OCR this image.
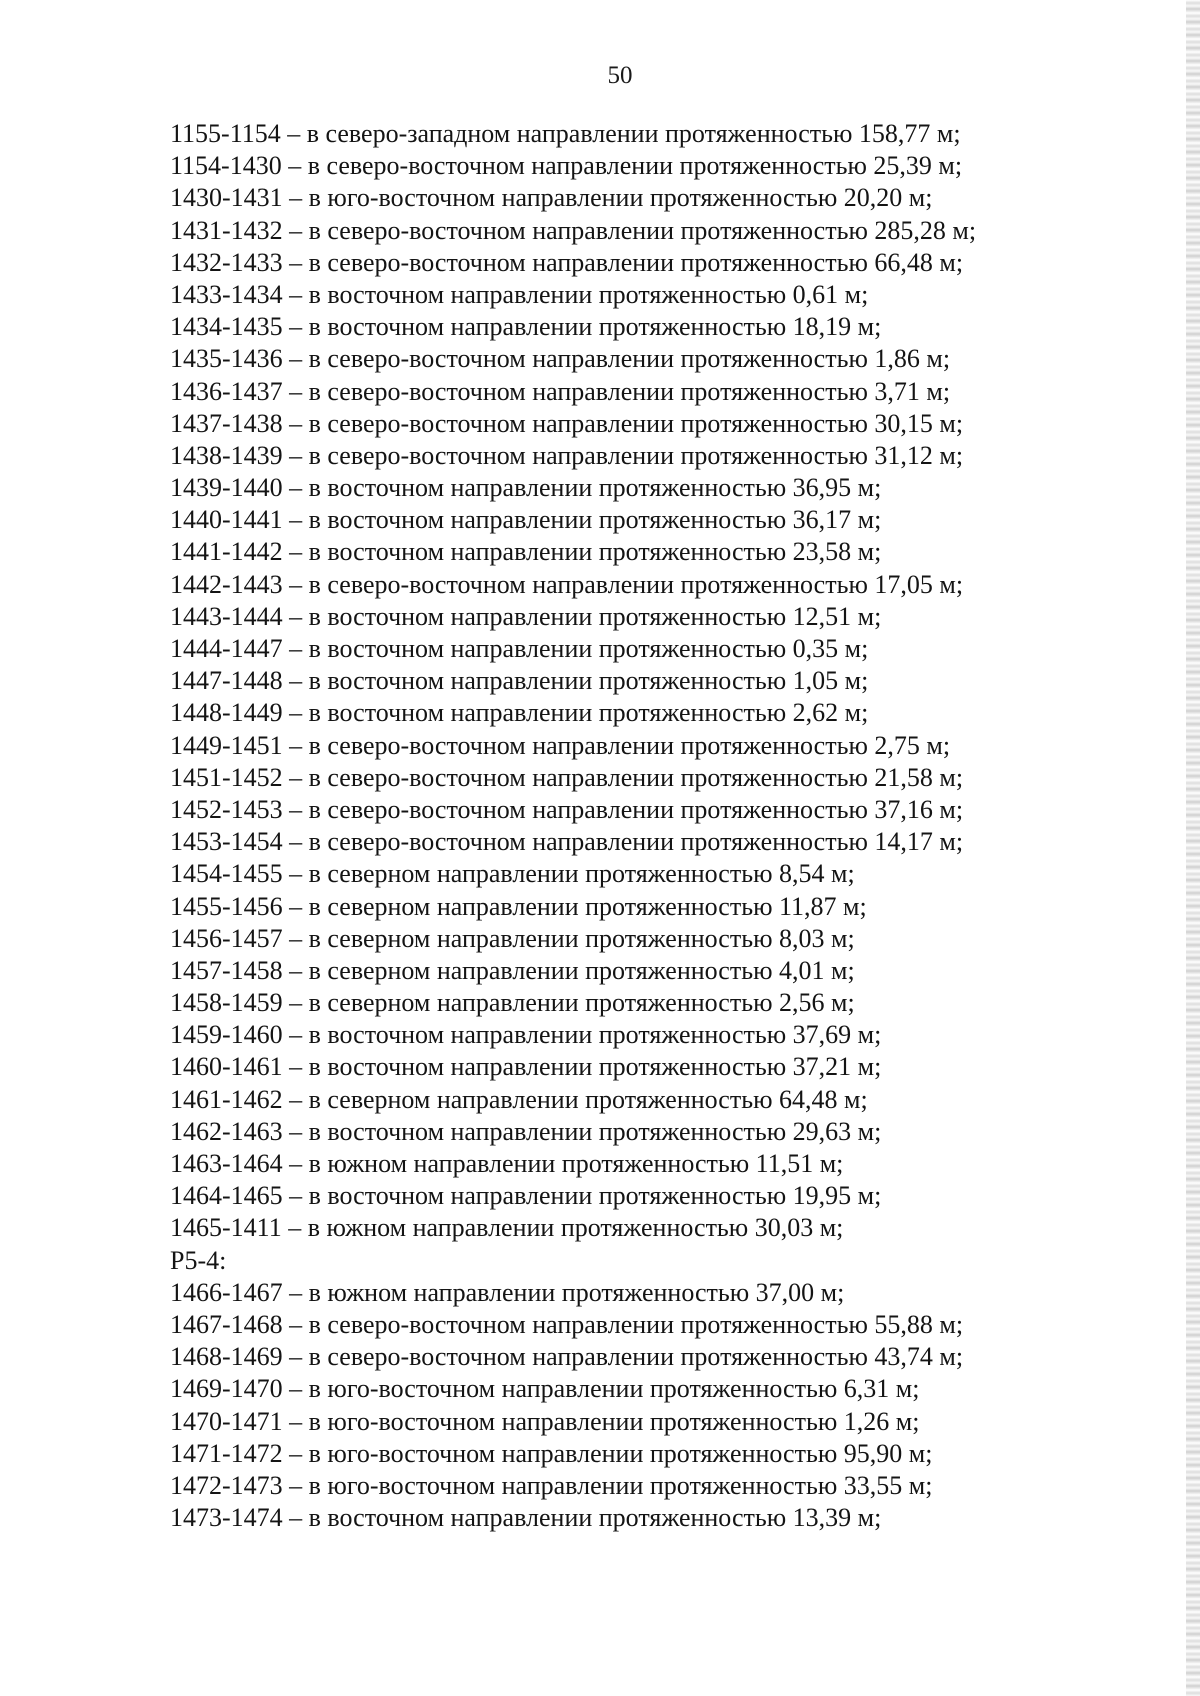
50
1155-1154 – в северо-западном направлении протяженностью 158,77 м;
1154-1430 – в северо-восточном направлении протяженностью 25,39 м;
1430-1431 – в юго-восточном направлении протяженностью 20,20 м;
1431-1432 – в северо-восточном направлении протяженностью 285,28 м;
1432-1433 – в северо-восточном направлении протяженностью 66,48 м;
1433-1434 – в восточном направлении протяженностью 0,61 м;
1434-1435 – в восточном направлении протяженностью 18,19 м;
1435-1436 – в северо-восточном направлении протяженностью 1,86 м;
1436-1437 – в северо-восточном направлении протяженностью 3,71 м;
1437-1438 – в северо-восточном направлении протяженностью 30,15 м;
1438-1439 – в северо-восточном направлении протяженностью 31,12 м;
1439-1440 – в восточном направлении протяженностью 36,95 м;
1440-1441 – в восточном направлении протяженностью 36,17 м;
1441-1442 – в восточном направлении протяженностью 23,58 м;
1442-1443 – в северо-восточном направлении протяженностью 17,05 м;
1443-1444 – в восточном направлении протяженностью 12,51 м;
1444-1447 – в восточном направлении протяженностью 0,35 м;
1447-1448 – в восточном направлении протяженностью 1,05 м;
1448-1449 – в восточном направлении протяженностью 2,62 м;
1449-1451 – в северо-восточном направлении протяженностью 2,75 м;
1451-1452 – в северо-восточном направлении протяженностью 21,58 м;
1452-1453 – в северо-восточном направлении протяженностью 37,16 м;
1453-1454 – в северо-восточном направлении протяженностью 14,17 м;
1454-1455 – в северном направлении протяженностью 8,54 м;
1455-1456 – в северном направлении протяженностью 11,87 м;
1456-1457 – в северном направлении протяженностью 8,03 м;
1457-1458 – в северном направлении протяженностью 4,01 м;
1458-1459 – в северном направлении протяженностью 2,56 м;
1459-1460 – в восточном направлении протяженностью 37,69 м;
1460-1461 – в восточном направлении протяженностью 37,21 м;
1461-1462 – в северном направлении протяженностью 64,48 м;
1462-1463 – в восточном направлении протяженностью 29,63 м;
1463-1464 – в южном направлении протяженностью 11,51 м;
1464-1465 – в восточном направлении протяженностью 19,95 м;
1465-1411 – в южном направлении протяженностью 30,03 м;
Р5-4:
1466-1467 – в южном направлении протяженностью 37,00 м;
1467-1468 – в северо-восточном направлении протяженностью 55,88 м;
1468-1469 – в северо-восточном направлении протяженностью 43,74 м;
1469-1470 – в юго-восточном направлении протяженностью 6,31 м;
1470-1471 – в юго-восточном направлении протяженностью 1,26 м;
1471-1472 – в юго-восточном направлении протяженностью 95,90 м;
1472-1473 – в юго-восточном направлении протяженностью 33,55 м;
1473-1474 – в восточном направлении протяженностью 13,39 м;
